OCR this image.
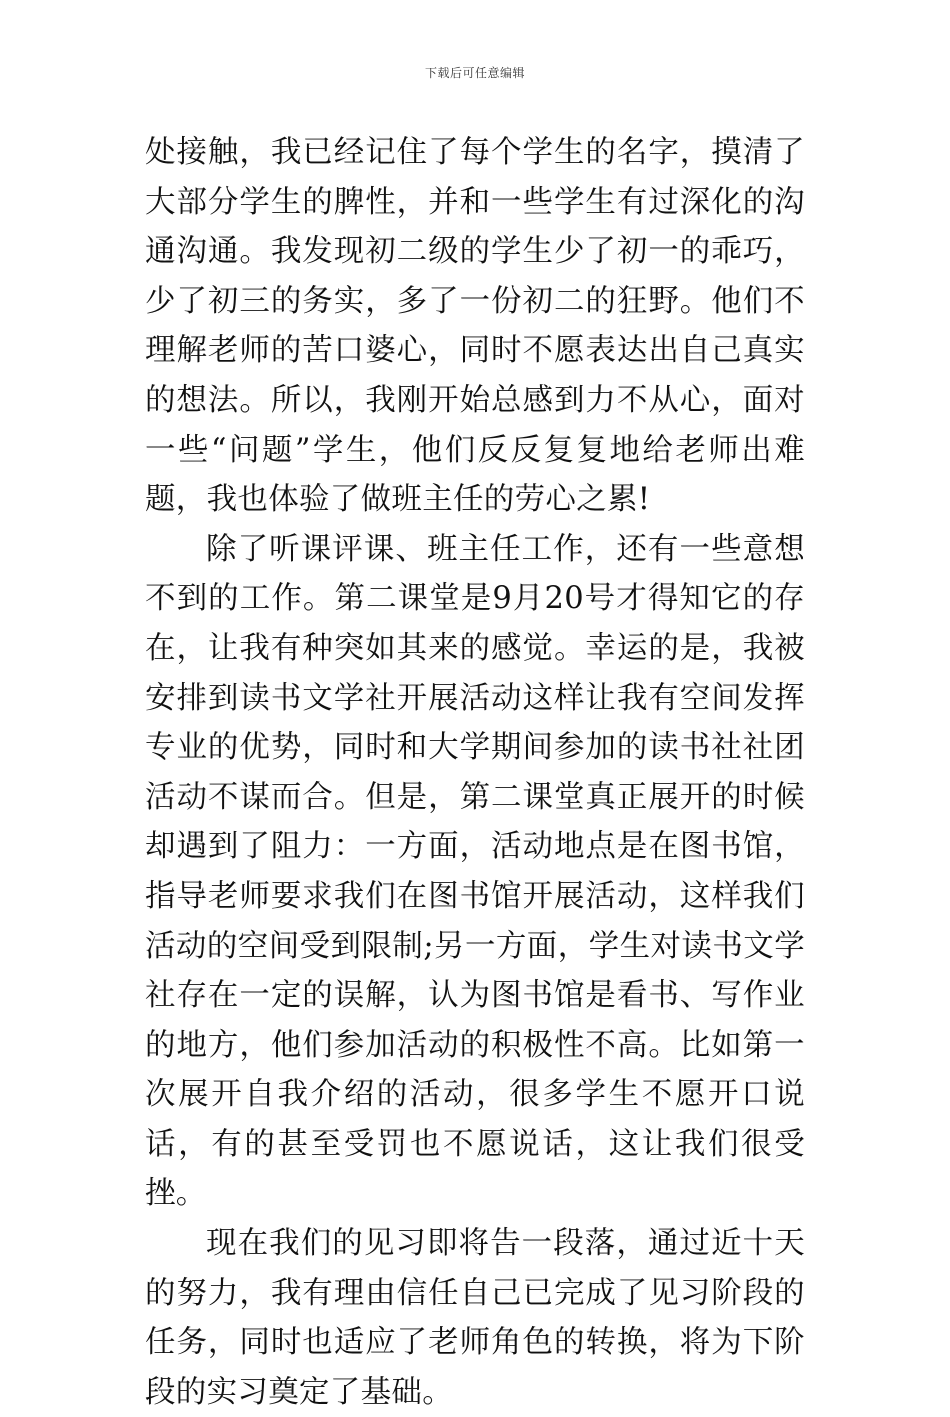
下载后可任意编辑

处接触，我已经记住了每个学生的名字，摸清了大部分学生的脾性，并和一些学生有过深化的沟通沟通。我发现初二级的学生少了初一的乖巧，少了初三的务实，多了一份初二的狂野。他们不理解老师的苦口婆心，同时不愿表达出自己真实的想法。所以，我刚开始总感到力不从心，面对一些“问题”学生，他们反反复复地给老师出难题，我也体验了做班主任的劳心之累!

除了听课评课、班主任工作，还有一些意想不到的工作。第二课堂是9月20号才得知它的存在，让我有种突如其来的感觉。幸运的是，我被安排到读书文学社开展活动这样让我有空间发挥专业的优势，同时和大学期间参加的读书社社团活动不谋而合。但是，第二课堂真正展开的时候却遇到了阻力：一方面，活动地点是在图书馆，指导老师要求我们在图书馆开展活动，这样我们活动的空间受到限制;另一方面，学生对读书文学社存在一定的误解，认为图书馆是看书、写作业的地方，他们参加活动的积极性不高。比如第一次展开自我介绍的活动，很多学生不愿开口说话，有的甚至受罚也不愿说话，这让我们很受挫。

现在我们的见习即将告一段落，通过近十天的努力，我有理由信任自己已完成了见习阶段的任务，同时也适应了老师角色的转换，将为下阶段的实习奠定了基础。
